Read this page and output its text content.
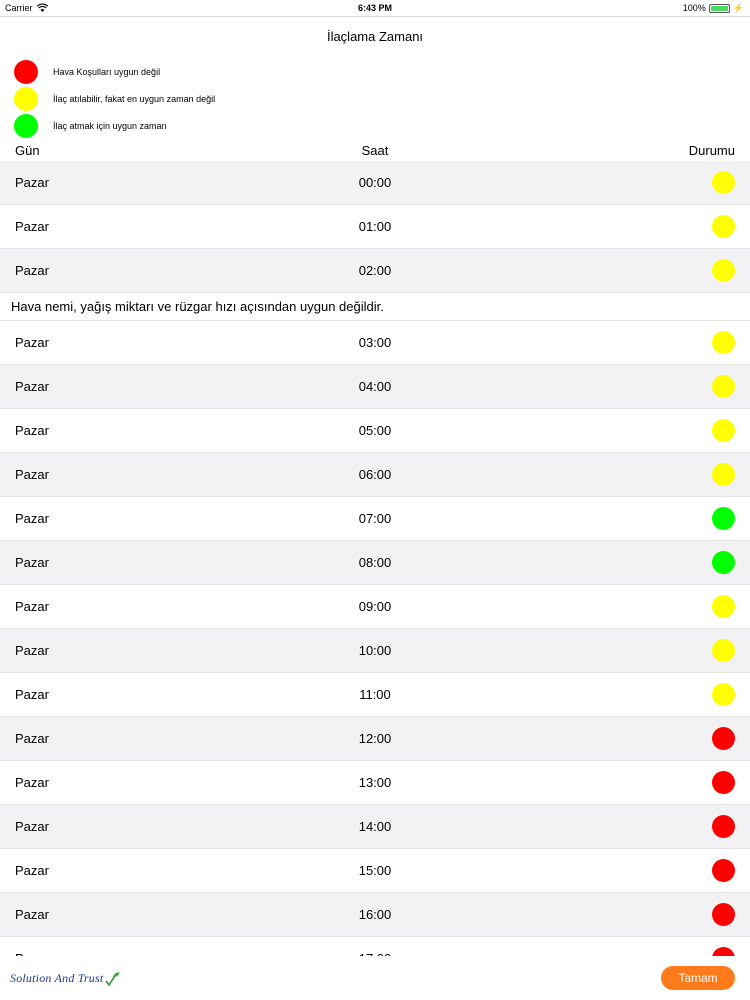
Carrier	6:43 PM	100%	⚡
İlaçlama Zamanı
Hava Koşulları uygun değil
İlaç atılabilir, fakat en uygun zaman değil
İlaç atmak için uygun zaman
Gün	Saat	Durumu
Pazar	00:00
Pazar	01:00
Pazar	02:00
Hava nemi, yağış miktarı ve rüzgar hızı açısından uygun değildir.
Pazar	03:00
Pazar	04:00
Pazar	05:00
Pazar	06:00
Pazar	07:00
Pazar	08:00
Pazar	09:00
Pazar	10:00
Pazar	11:00
Pazar	12:00
Pazar	13:00
Pazar	14:00
Pazar	15:00
Pazar	16:00
Solution And Trust	Tamam
